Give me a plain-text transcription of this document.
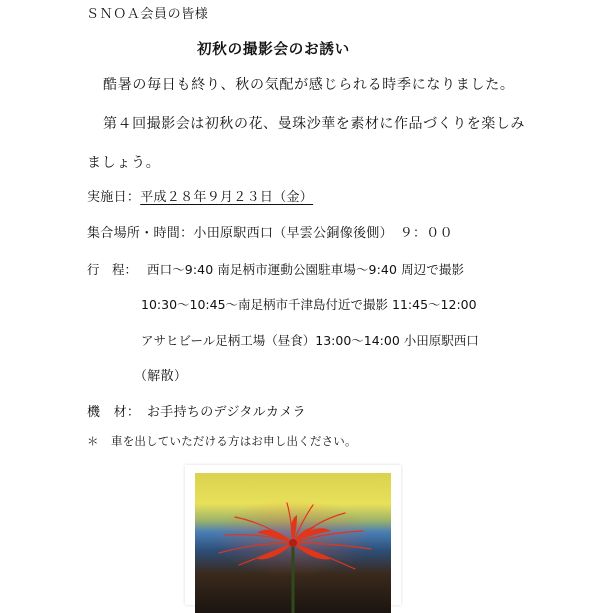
ＳＮＯＡ会員の皆様
初秋の撮影会のお誘い
酷暑の毎日も終り、秋の気配が感じられる時季になりました。
第４回撮影会は初秋の花、曼珠沙華を素材に作品づくりを楽しみ
ましょう。
実施日：平成２８年９月２３日（金）
集合場所・時間：小田原駅西口（早雲公銅像後側）　９：００
行　程： 西口～9:40 南足柄市運動公園駐車場～9:40 周辺で撮影
10:30～10:45～南足柄市千津島付近で撮影 11:45～12:00
アサヒビール足柄工場（昼食）13:00～14:00 小田原駅西口
（解散）
機　材： お手持ちのデジタルカメラ
＊ 車を出していただける方はお申し出ください。
